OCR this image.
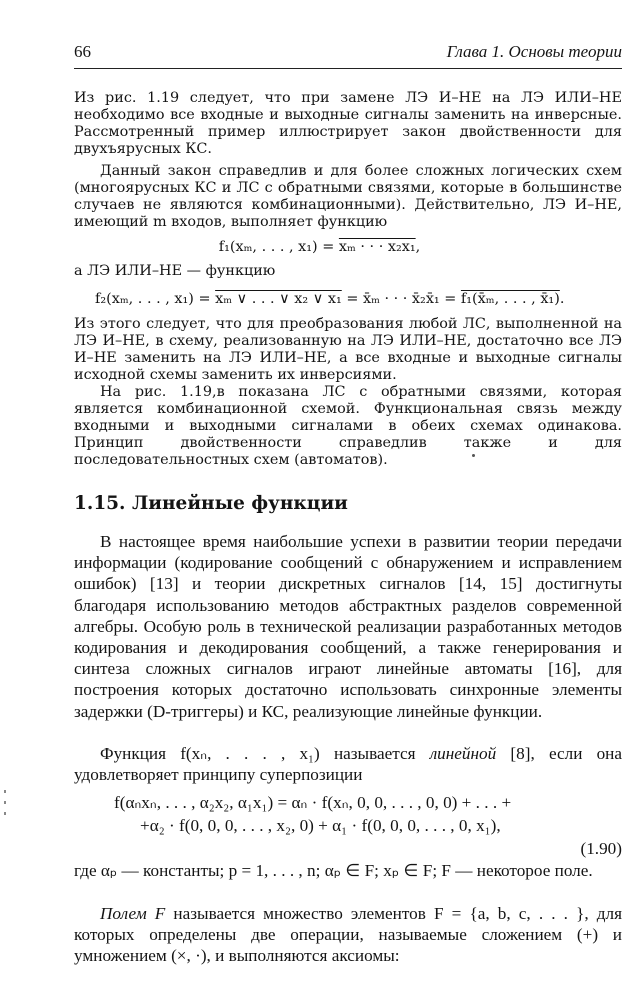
66	Глава 1. Основы теории

Из рис. 1.19 следует, что при замене ЛЭ И–НЕ на ЛЭ ИЛИ–НЕ необходимо все входные и выходные сигналы заменить на инверсные. Рассмотренный пример иллюстрирует закон двойственности для двухъярусных КС.

Данный закон справедлив и для более сложных логических схем (многоярусных КС и ЛС с обратными связями, которые в большинстве случаев не являются комбинационными). Действительно, ЛЭ И–НЕ, имеющий m входов, выполняет функцию

f₁(xₘ, . . . , x₁) = xₘ · · · x₂x₁,
а ЛЭ ИЛИ–НЕ — функцию
f₂(xₘ, . . . , x₁) = xₘ ∨ . . . ∨ x₂ ∨ x₁ = x̄ₘ · · · x̄₂x̄₁ = f₁(x̄ₘ, . . . , x̄₁).

Из этого следует, что для преобразования любой ЛС, выполненной на ЛЭ И–НЕ, в схему, реализованную на ЛЭ ИЛИ–НЕ, достаточно все ЛЭ И–НЕ заменить на ЛЭ ИЛИ–НЕ, а все входные и выходные сигналы исходной схемы заменить их инверсиями.

На рис. 1.19,в показана ЛС с обратными связями, которая является комбинационной схемой. Функциональная связь между входными и выходными сигналами в обеих схемах одинакова. Принцип двойственности справедлив также и для последовательностных схем (автоматов).

1.15. Линейные функции

В настоящее время наибольшие успехи в развитии теории передачи информации (кодирование сообщений с обнаружением и исправлением ошибок) [13] и теории дискретных сигналов [14, 15] достигнуты благодаря использованию методов абстрактных разделов современной алгебры. Особую роль в технической реализации разработанных методов кодирования и декодирования сообщений, а также генерирования и синтеза сложных сигналов играют линейные автоматы [16], для построения которых достаточно использовать синхронные элементы задержки (D-триггеры) и КС, реализующие линейные функции.

Функция f(xₙ, . . . , x₁) называется линейной [8], если она удовлетворяет принципу суперпозиции

f(αₙxₙ, . . . , α₂x₂, α₁x₁) = αₙ · f(xₙ, 0, 0, . . . , 0, 0) + . . . +
+α₂ · f(0, 0, 0, . . . , x₂, 0) + α₁ · f(0, 0, 0, . . . , 0, x₁),
(1.90)

где αₚ — константы; p = 1, . . . , n; αₚ ∈ F; xₚ ∈ F; F — некоторое поле.

Полем F называется множество элементов F = {a, b, c, . . . }, для которых определены две операции, называемые сложением (+) и умножением (×, ·), и выполняются аксиомы:
